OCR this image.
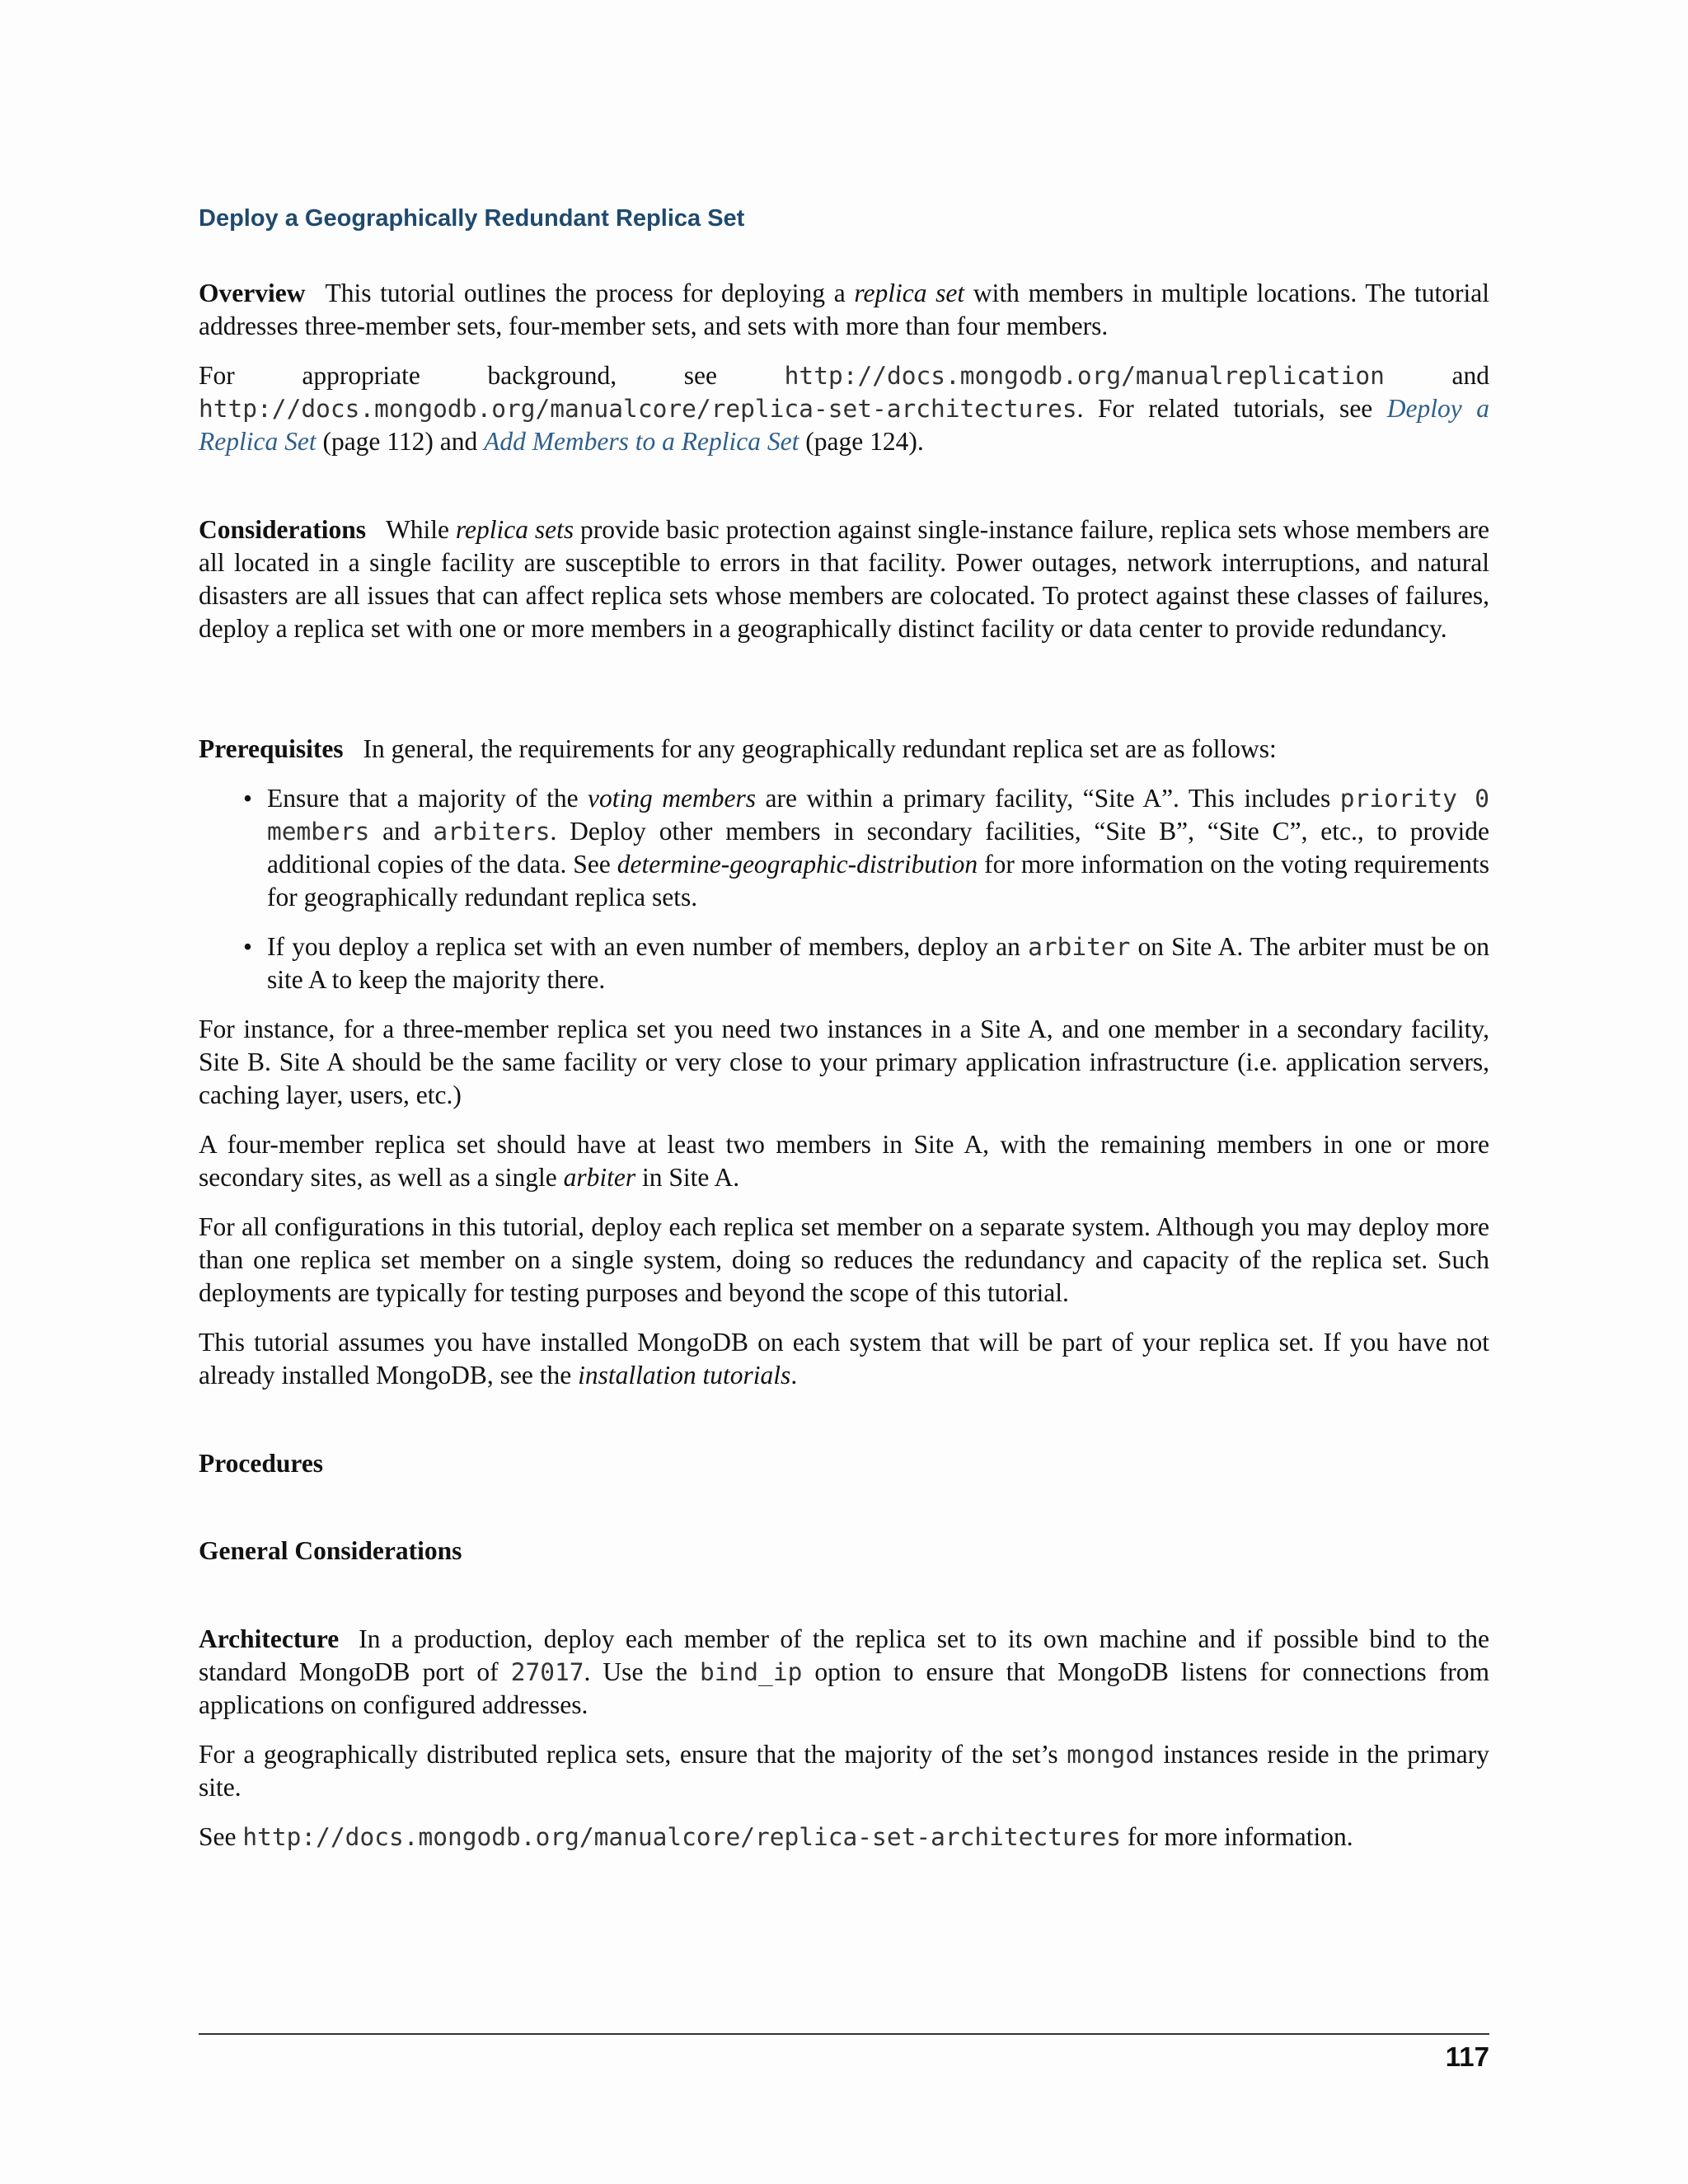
Deploy a Geographically Redundant Replica Set

Overview This tutorial outlines the process for deploying a replica set with members in multiple locations. The tutorial addresses three-member sets, four-member sets, and sets with more than four members.

For appropriate background, see http://docs.mongodb.org/manualreplication and http://docs.mongodb.org/manualcore/replica-set-architectures. For related tutorials, see Deploy a Replica Set (page 112) and Add Members to a Replica Set (page 124).

Considerations While replica sets provide basic protection against single-instance failure, replica sets whose members are all located in a single facility are susceptible to errors in that facility. Power outages, network interruptions, and natural disasters are all issues that can affect replica sets whose members are colocated. To protect against these classes of failures, deploy a replica set with one or more members in a geographically distinct facility or data center to provide redundancy.

Prerequisites In general, the requirements for any geographically redundant replica set are as follows:

• Ensure that a majority of the voting members are within a primary facility, “Site A”. This includes priority 0 members and arbiters. Deploy other members in secondary facilities, “Site B”, “Site C”, etc., to provide additional copies of the data. See determine-geographic-distribution for more information on the voting requirements for geographically redundant replica sets.
• If you deploy a replica set with an even number of members, deploy an arbiter on Site A. The arbiter must be on site A to keep the majority there.

For instance, for a three-member replica set you need two instances in a Site A, and one member in a secondary facility, Site B. Site A should be the same facility or very close to your primary application infrastructure (i.e. application servers, caching layer, users, etc.)

A four-member replica set should have at least two members in Site A, with the remaining members in one or more secondary sites, as well as a single arbiter in Site A.

For all configurations in this tutorial, deploy each replica set member on a separate system. Although you may deploy more than one replica set member on a single system, doing so reduces the redundancy and capacity of the replica set. Such deployments are typically for testing purposes and beyond the scope of this tutorial.

This tutorial assumes you have installed MongoDB on each system that will be part of your replica set. If you have not already installed MongoDB, see the installation tutorials.

Procedures
General Considerations

Architecture In a production, deploy each member of the replica set to its own machine and if possible bind to the standard MongoDB port of 27017. Use the bind_ip option to ensure that MongoDB listens for connections from applications on configured addresses.

For a geographically distributed replica sets, ensure that the majority of the set’s mongod instances reside in the primary site.

See http://docs.mongodb.org/manualcore/replica-set-architectures for more information.

117
